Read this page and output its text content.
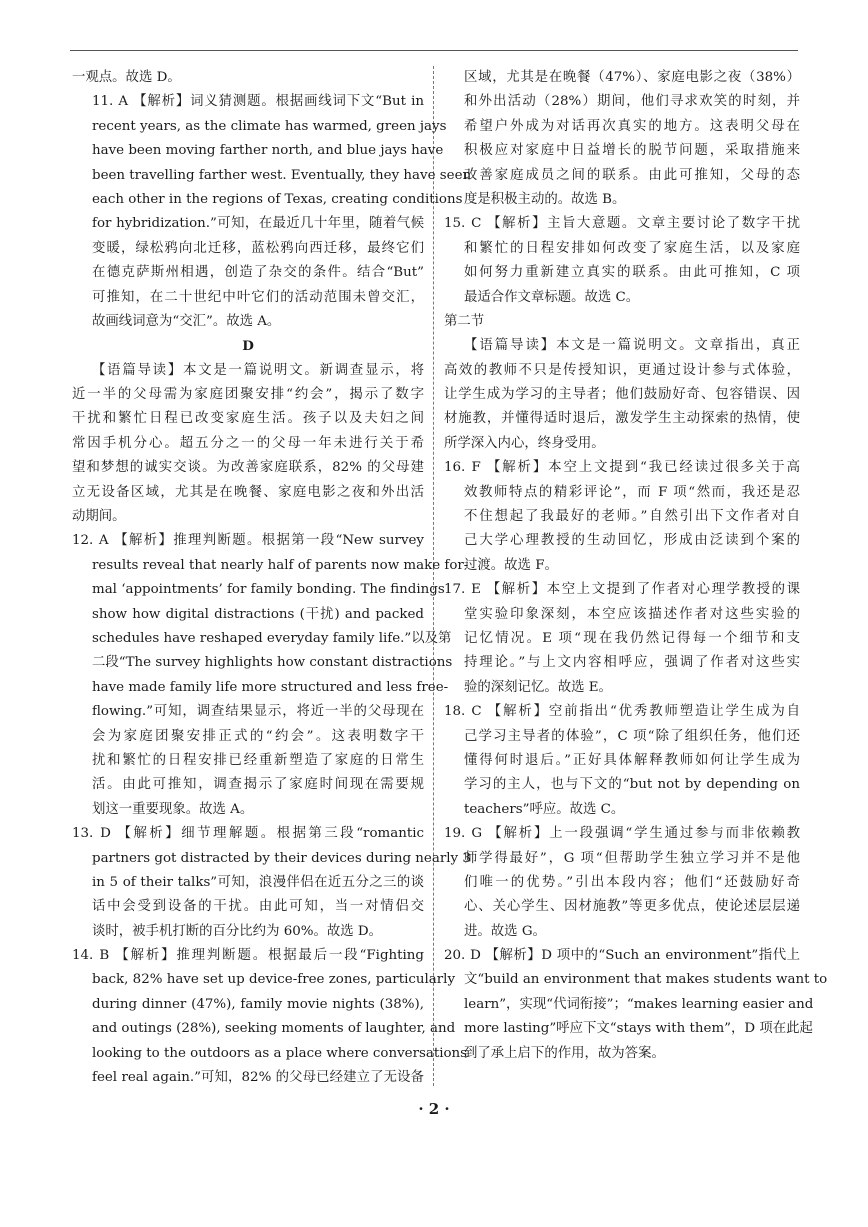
一观点。故选 D。
11. A 【解析】词义猜测题。根据画线词下文“But in
recent years, as the climate has warmed, green jays
have been moving farther north, and blue jays have
been travelling farther west. Eventually, they have seen
each other in the regions of Texas, creating conditions
for hybridization.”可知，在最近几十年里，随着气候
变暖，绿松鸦向北迁移，蓝松鸦向西迁移，最终它们
在德克萨斯州相遇，创造了杂交的条件。结合“But”
可推知，在二十世纪中叶它们的活动范围未曾交汇，
故画线词意为“交汇”。故选 A。
D
【语篇导读】本文是一篇说明文。新调查显示，将
近一半的父母需为家庭团聚安排“约会”，揭示了数字
干扰和繁忙日程已改变家庭生活。孩子以及夫妇之间
常因手机分心。超五分之一的父母一年未进行关于希
望和梦想的诚实交谈。为改善家庭联系，82% 的父母建
立无设备区域，尤其是在晚餐、家庭电影之夜和外出活
动期间。
12. A 【解析】推理判断题。根据第一段“New survey
results reveal that nearly half of parents now make for-
mal ‘appointments’ for family bonding. The findings
show how digital distractions (干扰) and packed
schedules have reshaped everyday family life.”以及第
二段“The survey highlights how constant distractions
have made family life more structured and less free-
flowing.”可知，调查结果显示，将近一半的父母现在
会为家庭团聚安排正式的“约会”。这表明数字干
扰和繁忙的日程安排已经重新塑造了家庭的日常生
活。由此可推知，调查揭示了家庭时间现在需要规
划这一重要现象。故选 A。
13. D 【解析】细节理解题。根据第三段“romantic
partners got distracted by their devices during nearly 3
in 5 of their talks”可知，浪漫伴侣在近五分之三的谈
话中会受到设备的干扰。由此可知，当一对情侣交
谈时，被手机打断的百分比约为 60%。故选 D。
14. B 【解析】推理判断题。根据最后一段“Fighting
back, 82% have set up device-free zones, particularly
during dinner (47%), family movie nights (38%),
and outings (28%), seeking moments of laughter, and
looking to the outdoors as a place where conversations
feel real again.”可知，82% 的父母已经建立了无设备
区域，尤其是在晚餐（47%）、家庭电影之夜（38%）
和外出活动（28%）期间，他们寻求欢笑的时刻，并
希望户外成为对话再次真实的地方。这表明父母在
积极应对家庭中日益增长的脱节问题，采取措施来
改善家庭成员之间的联系。由此可推知，父母的态
度是积极主动的。故选 B。
15. C 【解析】主旨大意题。文章主要讨论了数字干扰
和繁忙的日程安排如何改变了家庭生活，以及家庭
如何努力重新建立真实的联系。由此可推知，C 项
最适合作文章标题。故选 C。
第二节
【语篇导读】本文是一篇说明文。文章指出，真正
高效的教师不只是传授知识，更通过设计参与式体验，
让学生成为学习的主导者；他们鼓励好奇、包容错误、因
材施教，并懂得适时退后，激发学生主动探索的热情，使
所学深入内心，终身受用。
16. F 【解析】本空上文提到“我已经读过很多关于高
效教师特点的精彩评论”，而 F 项“然而，我还是忍
不住想起了我最好的老师。”自然引出下文作者对自
己大学心理教授的生动回忆，形成由泛读到个案的
过渡。故选 F。
17. E 【解析】本空上文提到了作者对心理学教授的课
堂实验印象深刻，本空应该描述作者对这些实验的
记忆情况。E 项“现在我仍然记得每一个细节和支
持理论。”与上文内容相呼应，强调了作者对这些实
验的深刻记忆。故选 E。
18. C 【解析】空前指出“优秀教师塑造让学生成为自
己学习主导者的体验”，C 项“除了组织任务，他们还
懂得何时退后。”正好具体解释教师如何让学生成为
学习的主人，也与下文的“but not by depending on
teachers”呼应。故选 C。
19. G 【解析】上一段强调“学生通过参与而非依赖教
师学得最好”，G 项“但帮助学生独立学习并不是他
们唯一的优势。”引出本段内容；他们“还鼓励好奇
心、关心学生、因材施教”等更多优点，使论述层层递
进。故选 G。
20. D 【解析】D 项中的“Such an environment”指代上
文“build an environment that makes students want to
learn”，实现“代词衔接”；“makes learning easier and
more lasting”呼应下文“stays with them”，D 项在此起
到了承上启下的作用，故为答案。
· 2 ·
